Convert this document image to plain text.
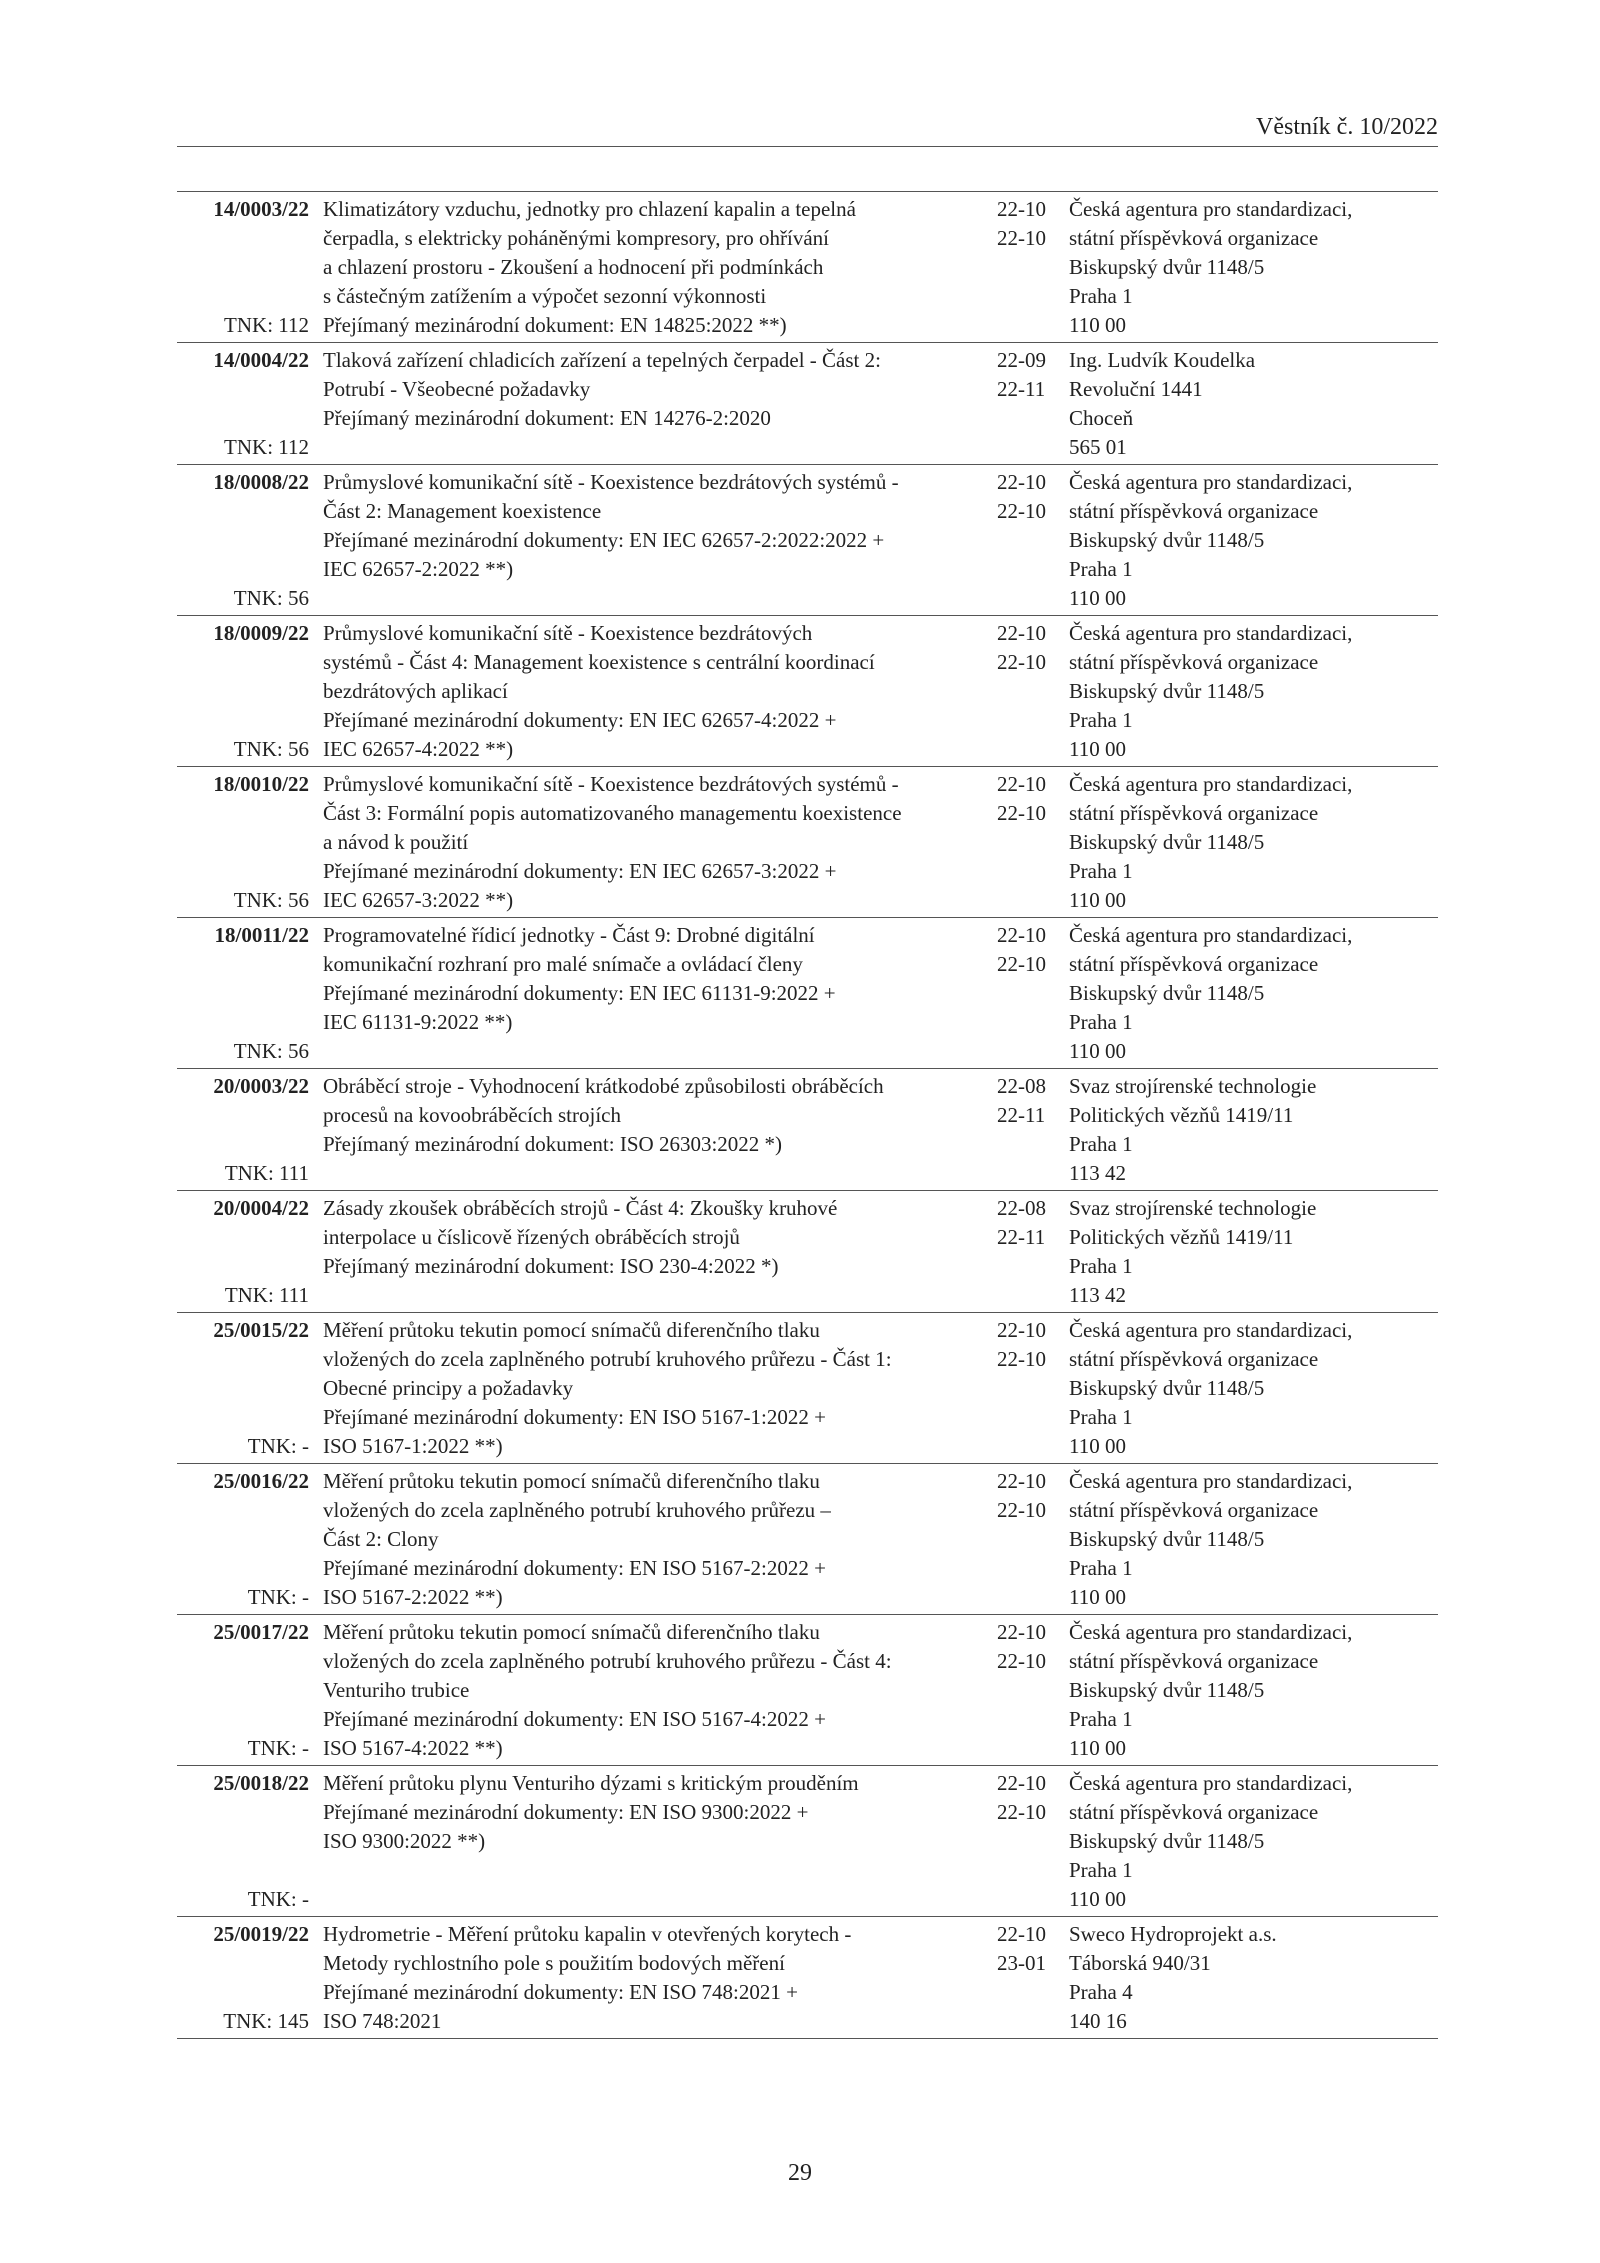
Věstník č. 10/2022
14/0003/22
TNK: 112
Klimatizátory vzduchu, jednotky pro chlazení kapalin a tepelná
čerpadla, s elektricky poháněnými kompresory, pro ohřívání
a chlazení prostoru - Zkoušení a hodnocení při podmínkách
s částečným zatížením a výpočet sezonní výkonnosti
Přejímaný mezinárodní dokument: EN 14825:2022 **)
22-10
22-10
Česká agentura pro standardizaci,
státní příspěvková organizace
Biskupský dvůr 1148/5
Praha 1
110 00
14/0004/22
TNK: 112
Tlaková zařízení chladicích zařízení a tepelných čerpadel - Část 2:
Potrubí - Všeobecné požadavky
Přejímaný mezinárodní dokument: EN 14276-2:2020
22-09
22-11
Ing. Ludvík Koudelka
Revoluční 1441
Choceň
565 01
18/0008/22
TNK: 56
Průmyslové komunikační sítě - Koexistence bezdrátových systémů -
Část 2: Management koexistence
Přejímané mezinárodní dokumenty: EN IEC 62657-2:2022:2022 +
IEC 62657-2:2022 **)
22-10
22-10
Česká agentura pro standardizaci,
státní příspěvková organizace
Biskupský dvůr 1148/5
Praha 1
110 00
18/0009/22
TNK: 56
Průmyslové komunikační sítě - Koexistence bezdrátových
systémů - Část 4: Management koexistence s centrální koordinací
bezdrátových aplikací
Přejímané mezinárodní dokumenty: EN IEC 62657-4:2022 +
IEC 62657-4:2022 **)
22-10
22-10
Česká agentura pro standardizaci,
státní příspěvková organizace
Biskupský dvůr 1148/5
Praha 1
110 00
18/0010/22
TNK: 56
Průmyslové komunikační sítě - Koexistence bezdrátových systémů -
Část 3: Formální popis automatizovaného managementu koexistence
a návod k použití
Přejímané mezinárodní dokumenty: EN IEC 62657-3:2022 +
IEC 62657-3:2022 **)
22-10
22-10
Česká agentura pro standardizaci,
státní příspěvková organizace
Biskupský dvůr 1148/5
Praha 1
110 00
18/0011/22
TNK: 56
Programovatelné řídicí jednotky - Část 9: Drobné digitální
komunikační rozhraní pro malé snímače a ovládací členy
Přejímané mezinárodní dokumenty: EN IEC 61131-9:2022 +
IEC 61131-9:2022 **)
22-10
22-10
Česká agentura pro standardizaci,
státní příspěvková organizace
Biskupský dvůr 1148/5
Praha 1
110 00
20/0003/22
TNK: 111
Obráběcí stroje - Vyhodnocení krátkodobé způsobilosti obráběcích
procesů na kovoobráběcích strojích
Přejímaný mezinárodní dokument: ISO 26303:2022 *)
22-08
22-11
Svaz strojírenské technologie
Politických vězňů 1419/11
Praha 1
113 42
20/0004/22
TNK: 111
Zásady zkoušek obráběcích strojů - Část 4: Zkoušky kruhové
interpolace u číslicově řízených obráběcích strojů
Přejímaný mezinárodní dokument: ISO 230-4:2022 *)
22-08
22-11
Svaz strojírenské technologie
Politických vězňů 1419/11
Praha 1
113 42
25/0015/22
TNK: -
Měření průtoku tekutin pomocí snímačů diferenčního tlaku
vložených do zcela zaplněného potrubí kruhového průřezu - Část 1:
Obecné principy a požadavky
Přejímané mezinárodní dokumenty: EN ISO 5167-1:2022 +
ISO 5167-1:2022 **)
22-10
22-10
Česká agentura pro standardizaci,
státní příspěvková organizace
Biskupský dvůr 1148/5
Praha 1
110 00
25/0016/22
TNK: -
Měření průtoku tekutin pomocí snímačů diferenčního tlaku
vložených do zcela zaplněného potrubí kruhového průřezu –
Část 2: Clony
Přejímané mezinárodní dokumenty: EN ISO 5167-2:2022 +
ISO 5167-2:2022 **)
22-10
22-10
Česká agentura pro standardizaci,
státní příspěvková organizace
Biskupský dvůr 1148/5
Praha 1
110 00
25/0017/22
TNK: -
Měření průtoku tekutin pomocí snímačů diferenčního tlaku
vložených do zcela zaplněného potrubí kruhového průřezu - Část 4:
Venturiho trubice
Přejímané mezinárodní dokumenty: EN ISO 5167-4:2022 +
ISO 5167-4:2022 **)
22-10
22-10
Česká agentura pro standardizaci,
státní příspěvková organizace
Biskupský dvůr 1148/5
Praha 1
110 00
25/0018/22
TNK: -
Měření průtoku plynu Venturiho dýzami s kritickým prouděním
Přejímané mezinárodní dokumenty: EN ISO 9300:2022 +
ISO 9300:2022 **)
22-10
22-10
Česká agentura pro standardizaci,
státní příspěvková organizace
Biskupský dvůr 1148/5
Praha 1
110 00
25/0019/22
TNK: 145
Hydrometrie - Měření průtoku kapalin v otevřených korytech -
Metody rychlostního pole s použitím bodových měření
Přejímané mezinárodní dokumenty: EN ISO 748:2021 +
ISO 748:2021
22-10
23-01
Sweco Hydroprojekt a.s.
Táborská 940/31
Praha 4
140 16
29
